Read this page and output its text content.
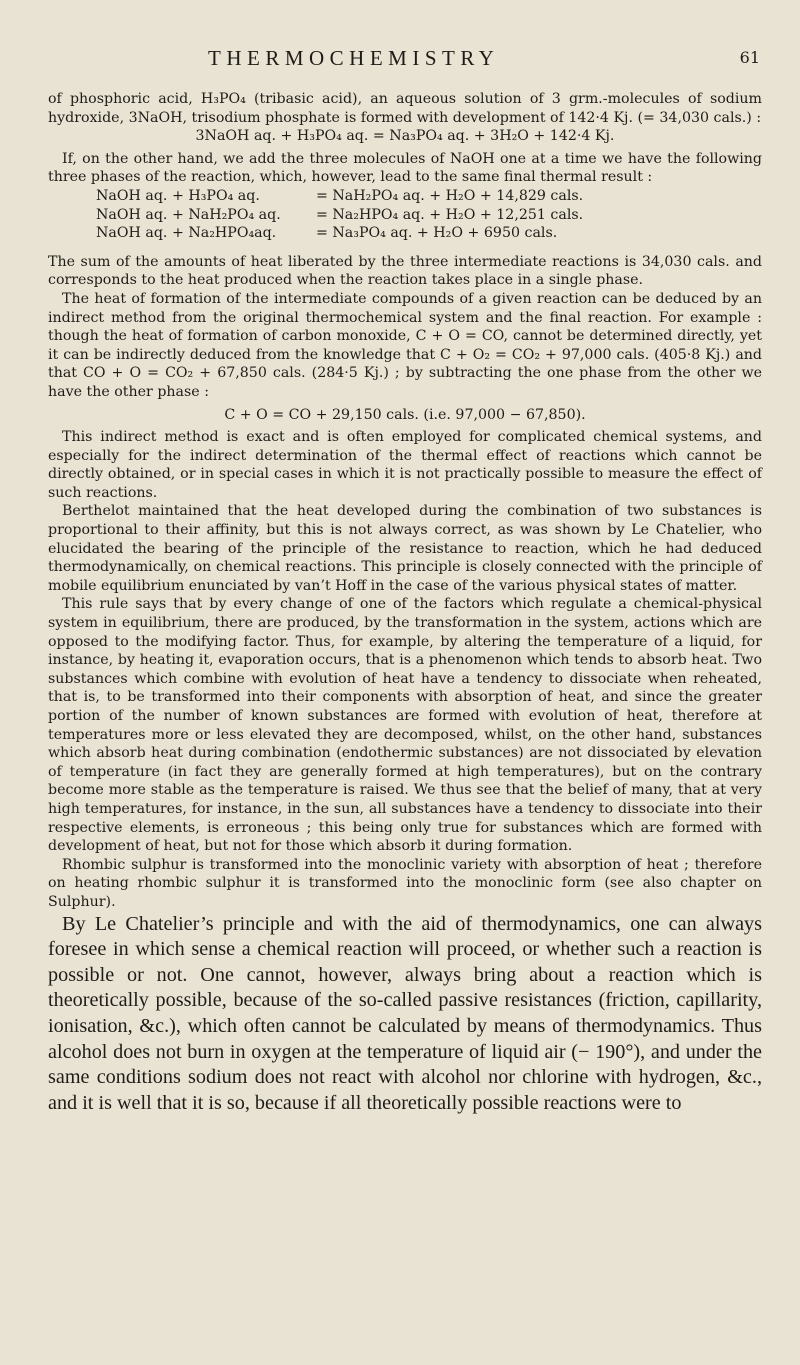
THERMOCHEMISTRY	61

of phosphoric acid, H₃PO₄ (tribasic acid), an aqueous solution of 3 grm.-molecules of sodium hydroxide, 3NaOH, trisodium phosphate is formed with development of 142·4 Kj. (= 34,030 cals.) :

3NaOH aq. + H₃PO₄ aq. = Na₃PO₄ aq. + 3H₂O + 142·4 Kj.

If, on the other hand, we add the three molecules of NaOH one at a time we have the following three phases of the reaction, which, however, lead to the same final thermal result :

NaOH aq. + H₃PO₄ aq.	= NaH₂PO₄ aq. + H₂O + 14,829 cals.
NaOH aq. + NaH₂PO₄ aq.	= Na₂HPO₄ aq. + H₂O + 12,251 cals.
NaOH aq. + Na₂HPO₄aq.	= Na₃PO₄ aq. + H₂O + 6950 cals.

The sum of the amounts of heat liberated by the three intermediate reactions is 34,030 cals. and corresponds to the heat produced when the reaction takes place in a single phase.

The heat of formation of the intermediate compounds of a given reaction can be deduced by an indirect method from the original thermochemical system and the final reaction. For example : though the heat of formation of carbon monoxide, C + O = CO, cannot be determined directly, yet it can be indirectly deduced from the knowledge that C + O₂ = CO₂ + 97,000 cals. (405·8 Kj.) and that CO + O = CO₂ + 67,850 cals. (284·5 Kj.) ; by subtracting the one phase from the other we have the other phase :

C + O = CO + 29,150 cals. (i.e. 97,000 − 67,850).

This indirect method is exact and is often employed for complicated chemical systems, and especially for the indirect determination of the thermal effect of reactions which cannot be directly obtained, or in special cases in which it is not practically possible to measure the effect of such reactions.

Berthelot maintained that the heat developed during the combination of two substances is proportional to their affinity, but this is not always correct, as was shown by Le Chatelier, who elucidated the bearing of the principle of the resistance to reaction, which he had deduced thermodynamically, on chemical reactions. This principle is closely connected with the principle of mobile equilibrium enunciated by van’t Hoff in the case of the various physical states of matter.

This rule says that by every change of one of the factors which regulate a chemical-physical system in equilibrium, there are produced, by the transformation in the system, actions which are opposed to the modifying factor. Thus, for example, by altering the temperature of a liquid, for instance, by heating it, evaporation occurs, that is a phenomenon which tends to absorb heat. Two substances which combine with evolution of heat have a tendency to dissociate when reheated, that is, to be transformed into their components with absorption of heat, and since the greater portion of the number of known substances are formed with evolution of heat, therefore at temperatures more or less elevated they are decomposed, whilst, on the other hand, substances which absorb heat during combination (endothermic substances) are not dissociated by elevation of temperature (in fact they are generally formed at high temperatures), but on the contrary become more stable as the temperature is raised. We thus see that the belief of many, that at very high temperatures, for instance, in the sun, all substances have a tendency to dissociate into their respective elements, is erroneous ; this being only true for substances which are formed with development of heat, but not for those which absorb it during formation.

Rhombic sulphur is transformed into the monoclinic variety with absorption of heat ; therefore on heating rhombic sulphur it is transformed into the monoclinic form (see also chapter on Sulphur).

By Le Chatelier’s principle and with the aid of thermodynamics, one can always foresee in which sense a chemical reaction will proceed, or whether such a reaction is possible or not. One cannot, however, always bring about a reaction which is theoretically possible, because of the so-called passive resistances (friction, capillarity, ionisation, &c.), which often cannot be calculated by means of thermodynamics. Thus alcohol does not burn in oxygen at the temperature of liquid air (− 190°), and under the same conditions sodium does not react with alcohol nor chlorine with hydrogen, &c., and it is well that it is so, because if all theoretically possible reactions were to
